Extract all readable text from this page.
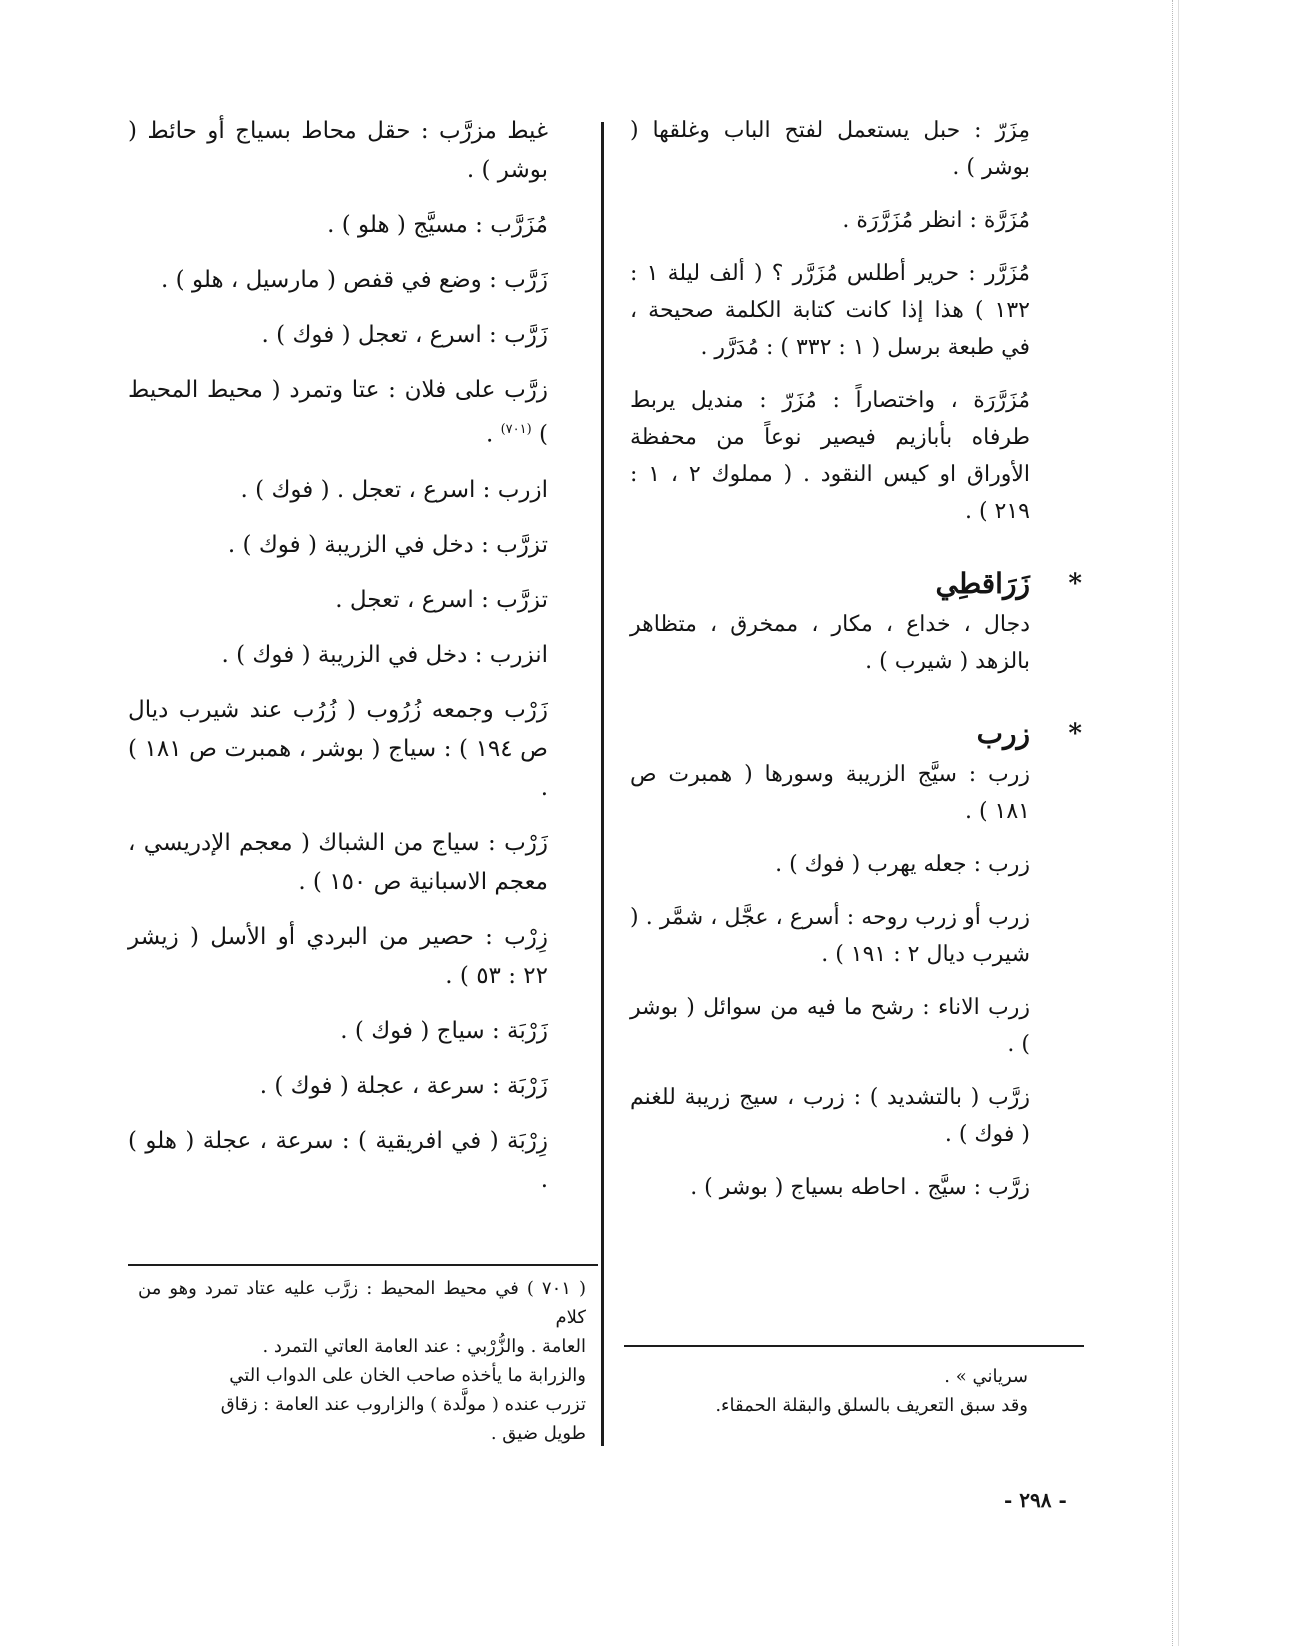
مِزَرّ : حبل يستعمل لفتح الباب وغلقها ( بوشر ) .

مُزَرَّة : انظر مُزَرَّرَة .

مُزَرَّر : حرير أطلس مُزَرَّر ؟ ( ألف ليلة ١ : ١٣٢ ) هذا إذا كانت كتابة الكلمة صحيحة ، في طبعة برسل ( ١ : ٣٣٢ ) : مُدَرَّر .

مُزَرَّرَة ، واختصاراً : مُزَرّ : منديل يربط طرفاه بأبازيم فيصير نوعاً من محفظة الأوراق او كيس النقود . ( مملوك ٢ ، ١ : ٢١٩ ) .

*
زَرَاقطِي

دجال ، خداع ، مكار ، ممخرق ، متظاهر بالزهد ( شيرب ) .

*
زرب

زرب : سيَّج الزريبة وسورها ( همبرت ص ١٨١ ) .

زرب : جعله يهرب ( فوك ) .

زرب أو زرب روحه : أسرع ، عجَّل ، شمَّر . ( شيرب ديال ٢ : ١٩١ ) .

زرب الاناء : رشح ما فيه من سوائل ( بوشر ) .

زرَّب ( بالتشديد ) : زرب ، سيج زريبة للغنم ( فوك ) .

زرَّب : سيَّج . احاطه بسياج ( بوشر ) .

غيط مزرَّب : حقل محاط بسياج أو حائط ( بوشر ) .

مُزَرَّب : مسيَّج ( هلو ) .

زَرَّب : وضع في قفص ( مارسيل ، هلو ) .

زَرَّب : اسرع ، تعجل ( فوك ) .

زرَّب على فلان : عتا وتمرد ( محيط المحيط ) $^{(٧٠١)}$ .

ازرب : اسرع ، تعجل . ( فوك ) .

تزرَّب : دخل في الزريبة ( فوك ) .

تزرَّب : اسرع ، تعجل .

انزرب : دخل في الزريبة ( فوك ) .

زَرْب وجمعه زُرُوب ( زُرُب عند شيرب ديال ص ١٩٤ ) : سياج ( بوشر ، همبرت ص ١٨١ ) .

زَرْب : سياج من الشباك ( معجم الإدريسي ، معجم الاسبانية ص ١٥٠ ) .

زِرْب : حصير من البردي أو الأسل ( زيشر ٢٢ : ٥٣ ) .

زَرْبَة : سياج ( فوك ) .

زَرْبَة : سرعة ، عجلة ( فوك ) .

زِرْبَة ( في افريقية ) : سرعة ، عجلة ( هلو ) .

( ٧٠١ ) في محيط المحيط : زرَّب عليه عتاد تمرد وهو من كلام
العامة . والزُّرْبي : عند العامة العاتي التمرد .
والزرابة ما يأخذه صاحب الخان على الدواب التي
تزرب عنده ( مولَّدة ) والزاروب عند العامة : زقاق
طويل ضيق .
سرياني » .
وقد سبق التعريف بالسلق والبقلة الحمقاء.
- ٢٩٨ -
